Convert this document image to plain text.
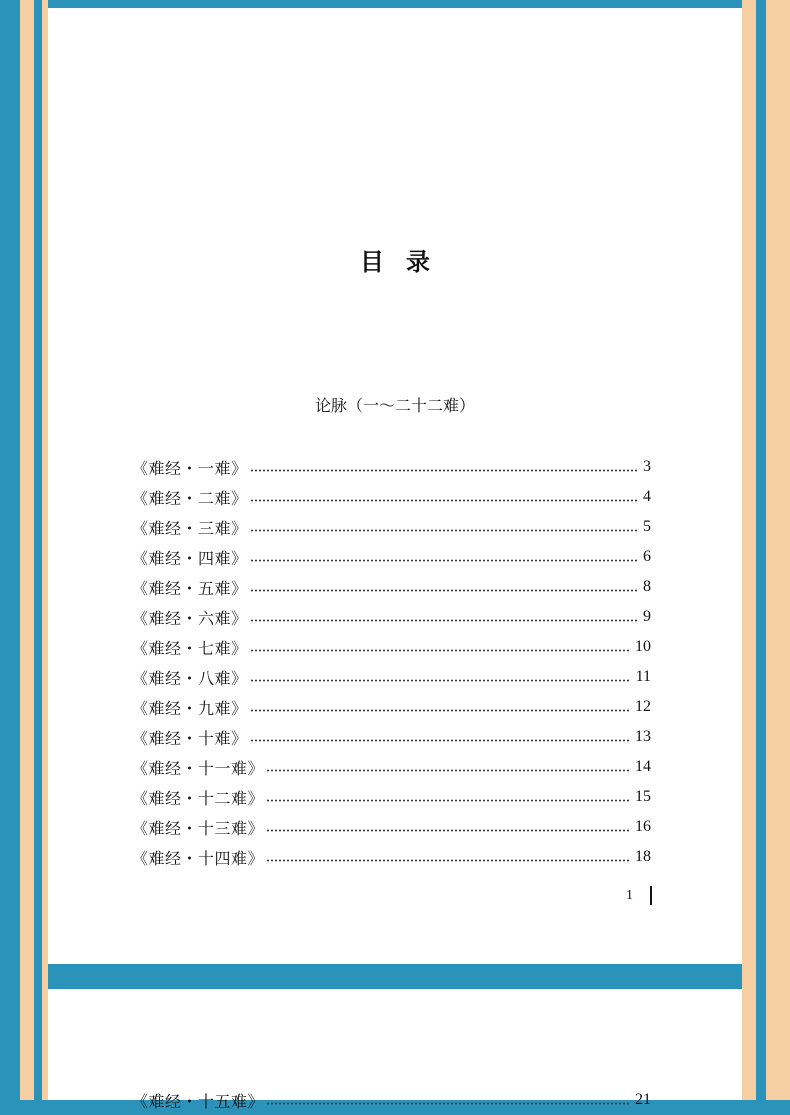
目录
论脉（一～二十二难）
《难经・一难》	3
《难经・二难》	4
《难经・三难》	5
《难经・四难》	6
《难经・五难》	8
《难经・六难》	9
《难经・七难》	10
《难经・八难》	11
《难经・九难》	12
《难经・十难》	13
《难经・十一难》	14
《难经・十二难》	15
《难经・十三难》	16
《难经・十四难》	18
1
《难经・十五难》	21
